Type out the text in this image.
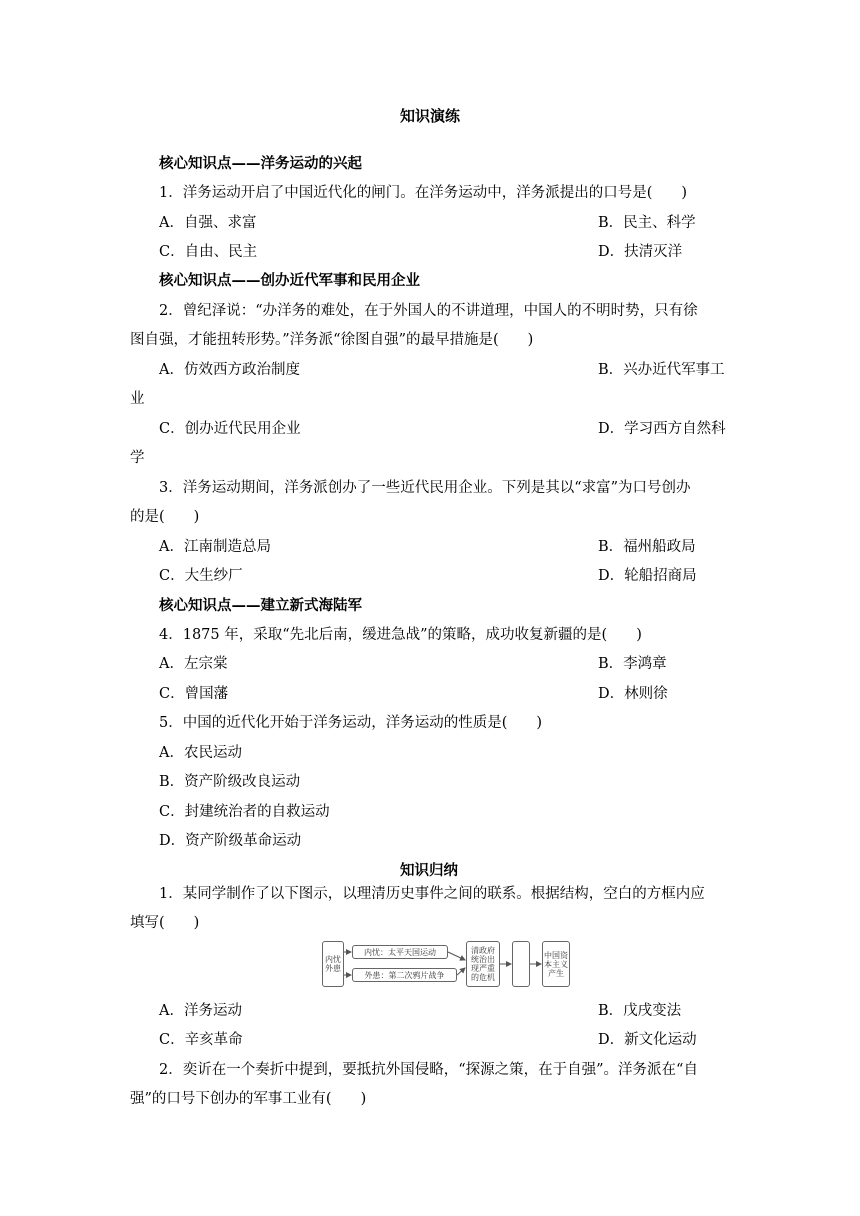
知识演练
核心知识点——洋务运动的兴起
1．洋务运动开启了中国近代化的闸门。在洋务运动中，洋务派提出的口号是(　　)
A．自强、求富	B．民主、科学
C．自由、民主	D．扶清灭洋
核心知识点——创办近代军事和民用企业
2．曾纪泽说：“办洋务的难处，在于外国人的不讲道理，中国人的不明时势，只有徐
图自强，才能扭转形势。”洋务派“徐图自强”的最早措施是(　　)
A．仿效西方政治制度	B．兴办近代军事工
业
C．创办近代民用企业	D．学习西方自然科
学
3．洋务运动期间，洋务派创办了一些近代民用企业。下列是其以“求富”为口号创办
的是(　　)
A．江南制造总局	B．福州船政局
C．大生纱厂	D．轮船招商局
核心知识点——建立新式海陆军
4．1875 年，采取“先北后南，缓进急战”的策略，成功收复新疆的是(　　)
A．左宗棠	B．李鸿章
C．曾国藩	D．林则徐
5．中国的近代化开始于洋务运动，洋务运动的性质是(　　)
A．农民运动
B．资产阶级改良运动
C．封建统治者的自救运动
D．资产阶级革命运动
知识归纳
1．某同学制作了以下图示，以理清历史事件之间的联系。根据结构，空白的方框内应
填写(　　)
内忧外患
内忧：太平天国运动
外患：第二次鸦片战争
清政府统治出现严重的危机
中国资本主义产生
A．洋务运动	B．戊戌变法
C．辛亥革命	D．新文化运动
2．奕䜣在一个奏折中提到，要抵抗外国侵略，“探源之策，在于自强”。洋务派在“自
强”的口号下创办的军事工业有(　　)
